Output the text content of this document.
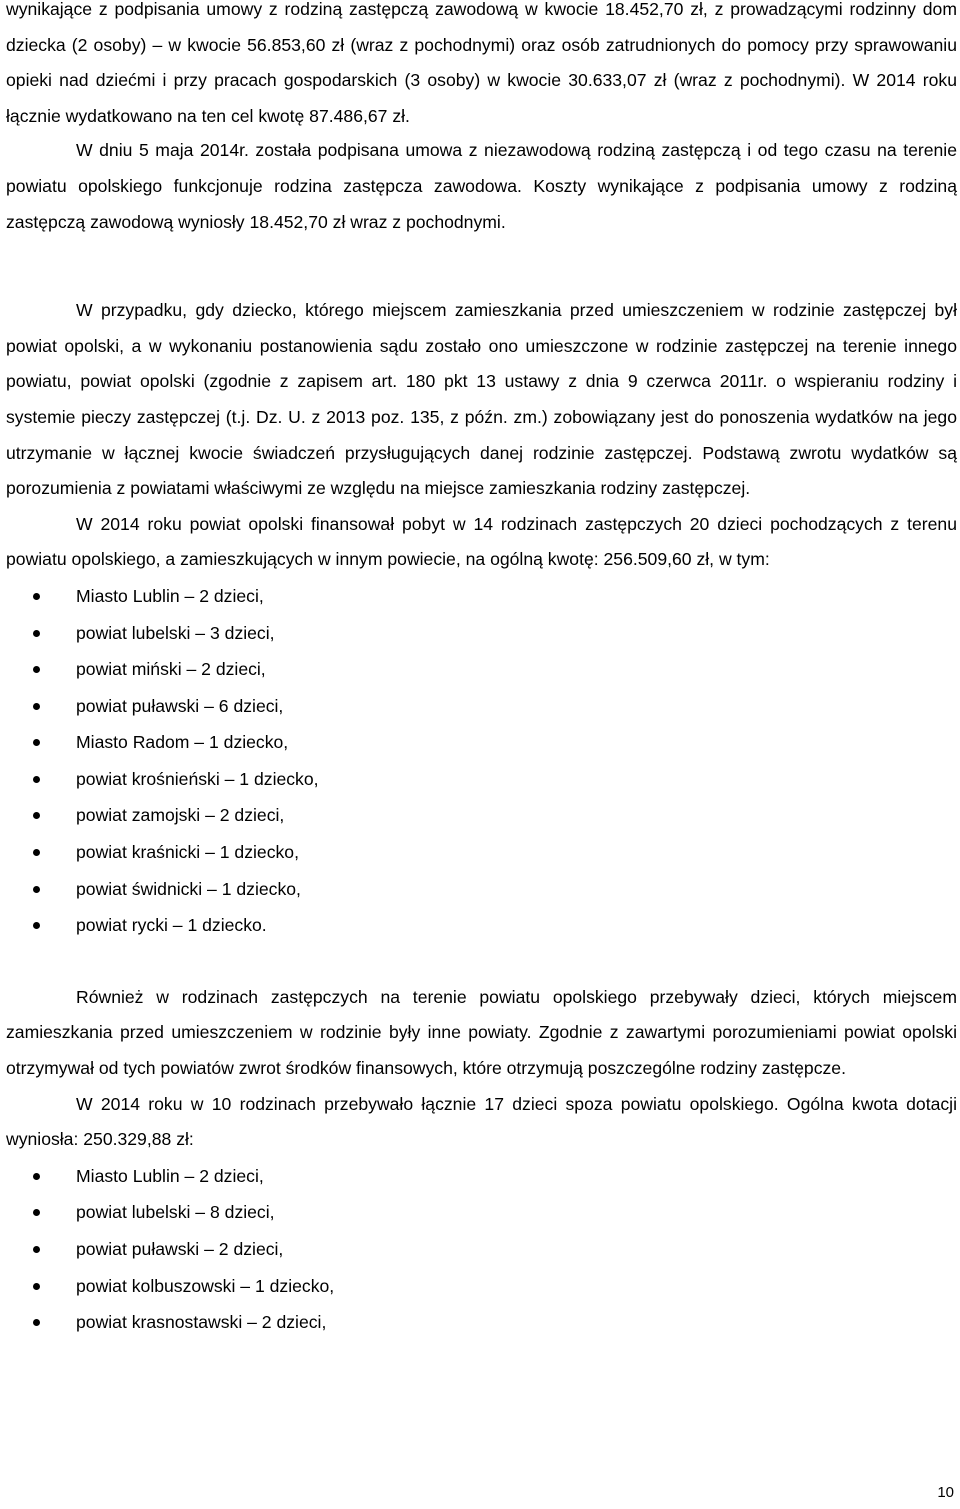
wynikające z podpisania umowy z rodziną zastępczą zawodową w kwocie 18.452,70 zł, z prowadzącymi rodzinny dom dziecka (2 osoby) – w kwocie 56.853,60 zł (wraz z pochodnymi) oraz osób zatrudnionych do pomocy przy sprawowaniu opieki nad dziećmi i przy pracach gospodarskich (3 osoby) w kwocie 30.633,07 zł (wraz z pochodnymi). W 2014 roku łącznie wydatkowano na ten cel kwotę 87.486,67 zł.

W dniu 5 maja 2014r. została podpisana umowa z niezawodową rodziną zastępczą i od tego czasu na terenie powiatu opolskiego funkcjonuje rodzina zastępcza zawodowa. Koszty wynikające z podpisania umowy z rodziną zastępczą zawodową wyniosły 18.452,70 zł wraz z pochodnymi.

W przypadku, gdy dziecko, którego miejscem zamieszkania przed umieszczeniem w rodzinie zastępczej był powiat opolski, a w wykonaniu postanowienia sądu zostało ono umieszczone w rodzinie zastępczej na terenie innego powiatu, powiat opolski (zgodnie z zapisem art. 180 pkt 13 ustawy z dnia 9 czerwca 2011r. o wspieraniu rodziny i systemie pieczy zastępczej (t.j. Dz. U. z 2013 poz. 135, z późn. zm.) zobowiązany jest do ponoszenia wydatków na jego utrzymanie w łącznej kwocie świadczeń przysługujących danej rodzinie zastępczej. Podstawą zwrotu wydatków są porozumienia z powiatami właściwymi ze względu na miejsce zamieszkania rodziny zastępczej.

W 2014 roku powiat opolski finansował pobyt w 14 rodzinach zastępczych 20 dzieci pochodzących z terenu powiatu opolskiego, a zamieszkujących w innym powiecie, na ogólną kwotę: 256.509,60 zł, w tym:

Miasto Lublin – 2 dzieci,
powiat lubelski – 3 dzieci,
powiat miński – 2 dzieci,
powiat puławski – 6 dzieci,
Miasto Radom – 1 dziecko,
powiat krośnieński – 1 dziecko,
powiat zamojski – 2 dzieci,
powiat kraśnicki – 1 dziecko,
powiat świdnicki – 1 dziecko,
powiat rycki – 1 dziecko.

Również w rodzinach zastępczych na terenie powiatu opolskiego przebywały dzieci, których miejscem zamieszkania przed umieszczeniem w rodzinie były inne powiaty. Zgodnie z zawartymi porozumieniami powiat opolski otrzymywał od tych powiatów zwrot środków finansowych, które otrzymują poszczególne rodziny zastępcze.

W 2014 roku w 10 rodzinach przebywało łącznie 17 dzieci spoza powiatu opolskiego. Ogólna kwota dotacji wyniosła: 250.329,88 zł:

Miasto Lublin – 2 dzieci,
powiat lubelski – 8 dzieci,
powiat puławski – 2 dzieci,
powiat kolbuszowski – 1 dziecko,
powiat krasnostawski – 2 dzieci,
10
